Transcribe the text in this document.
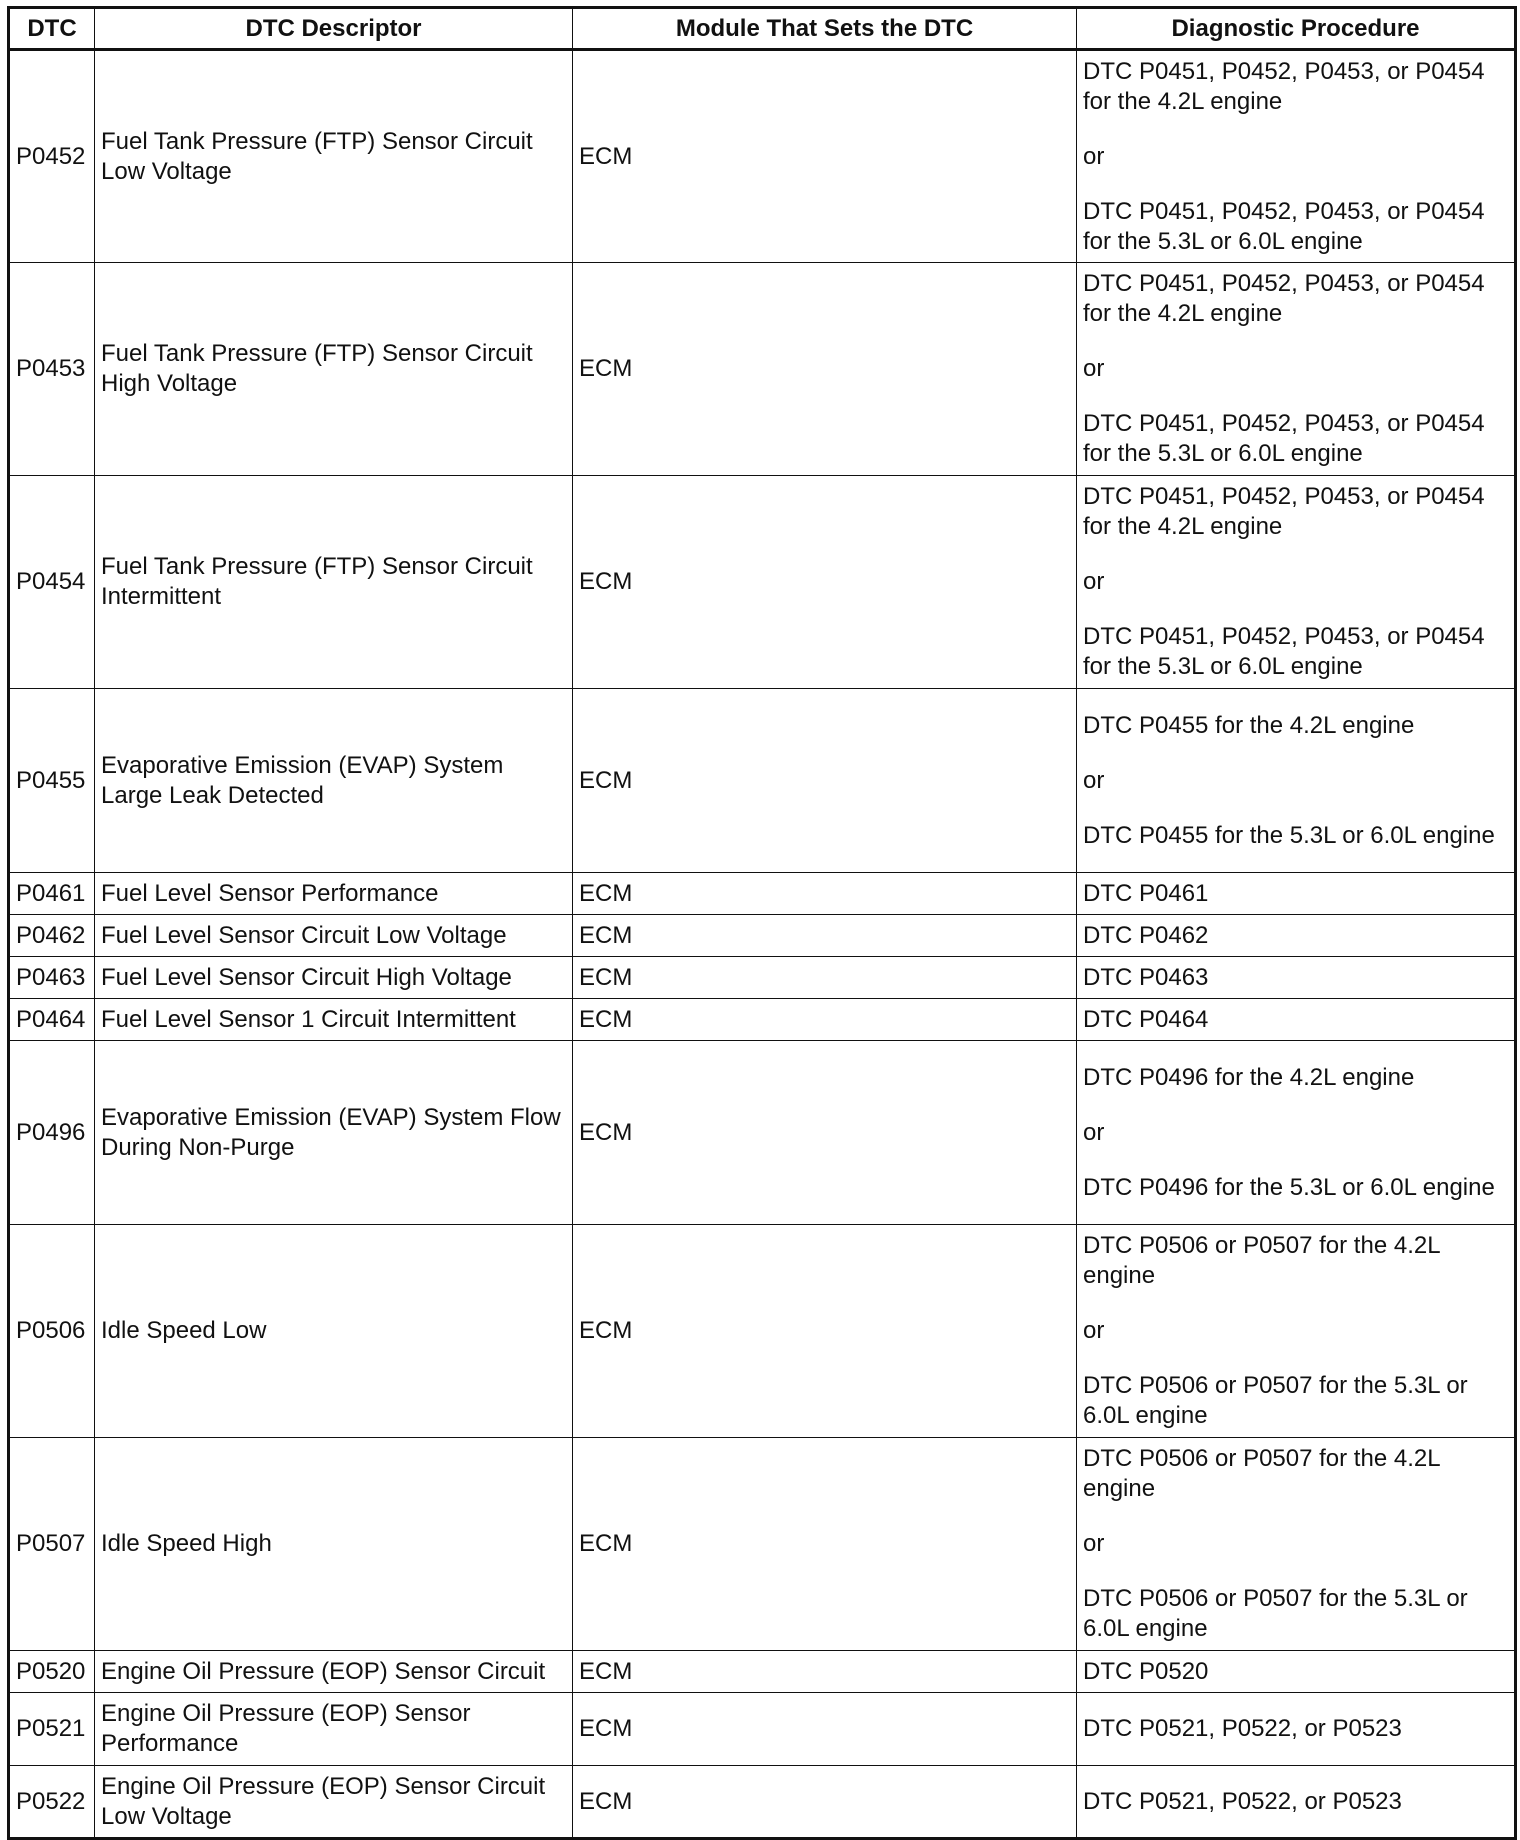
DTC	DTC Descriptor	Module That Sets the DTC	Diagnostic Procedure
P0452	Fuel Tank Pressure (FTP) Sensor Circuit Low Voltage	ECM	DTC P0451, P0452, P0453, or P0454 for the 4.2L engine
or
DTC P0451, P0452, P0453, or P0454 for the 5.3L or 6.0L engine

P0453	Fuel Tank Pressure (FTP) Sensor Circuit High Voltage	ECM	DTC P0451, P0452, P0453, or P0454 for the 4.2L engine
or
DTC P0451, P0452, P0453, or P0454 for the 5.3L or 6.0L engine

P0454	Fuel Tank Pressure (FTP) Sensor Circuit Intermittent	ECM	DTC P0451, P0452, P0453, or P0454 for the 4.2L engine
or
DTC P0451, P0452, P0453, or P0454 for the 5.3L or 6.0L engine

P0455	Evaporative Emission (EVAP) System Large Leak Detected	ECM	DTC P0455 for the 4.2L engine
or
DTC P0455 for the 5.3L or 6.0L engine

P0461	Fuel Level Sensor Performance	ECM	DTC P0461

P0462	Fuel Level Sensor Circuit Low Voltage	ECM	DTC P0462

P0463	Fuel Level Sensor Circuit High Voltage	ECM	DTC P0463

P0464	Fuel Level Sensor 1 Circuit Intermittent	ECM	DTC P0464

P0496	Evaporative Emission (EVAP) System Flow During Non-Purge	ECM	DTC P0496 for the 4.2L engine
or
DTC P0496 for the 5.3L or 6.0L engine

P0506	Idle Speed Low	ECM	DTC P0506 or P0507 for the 4.2L engine
or
DTC P0506 or P0507 for the 5.3L or 6.0L engine

P0507	Idle Speed High	ECM	DTC P0506 or P0507 for the 4.2L engine
or
DTC P0506 or P0507 for the 5.3L or 6.0L engine

P0520	Engine Oil Pressure (EOP) Sensor Circuit	ECM	DTC P0520

P0521	Engine Oil Pressure (EOP) Sensor Performance	ECM	DTC P0521, P0522, or P0523

P0522	Engine Oil Pressure (EOP) Sensor Circuit Low Voltage	ECM	DTC P0521, P0522, or P0523
